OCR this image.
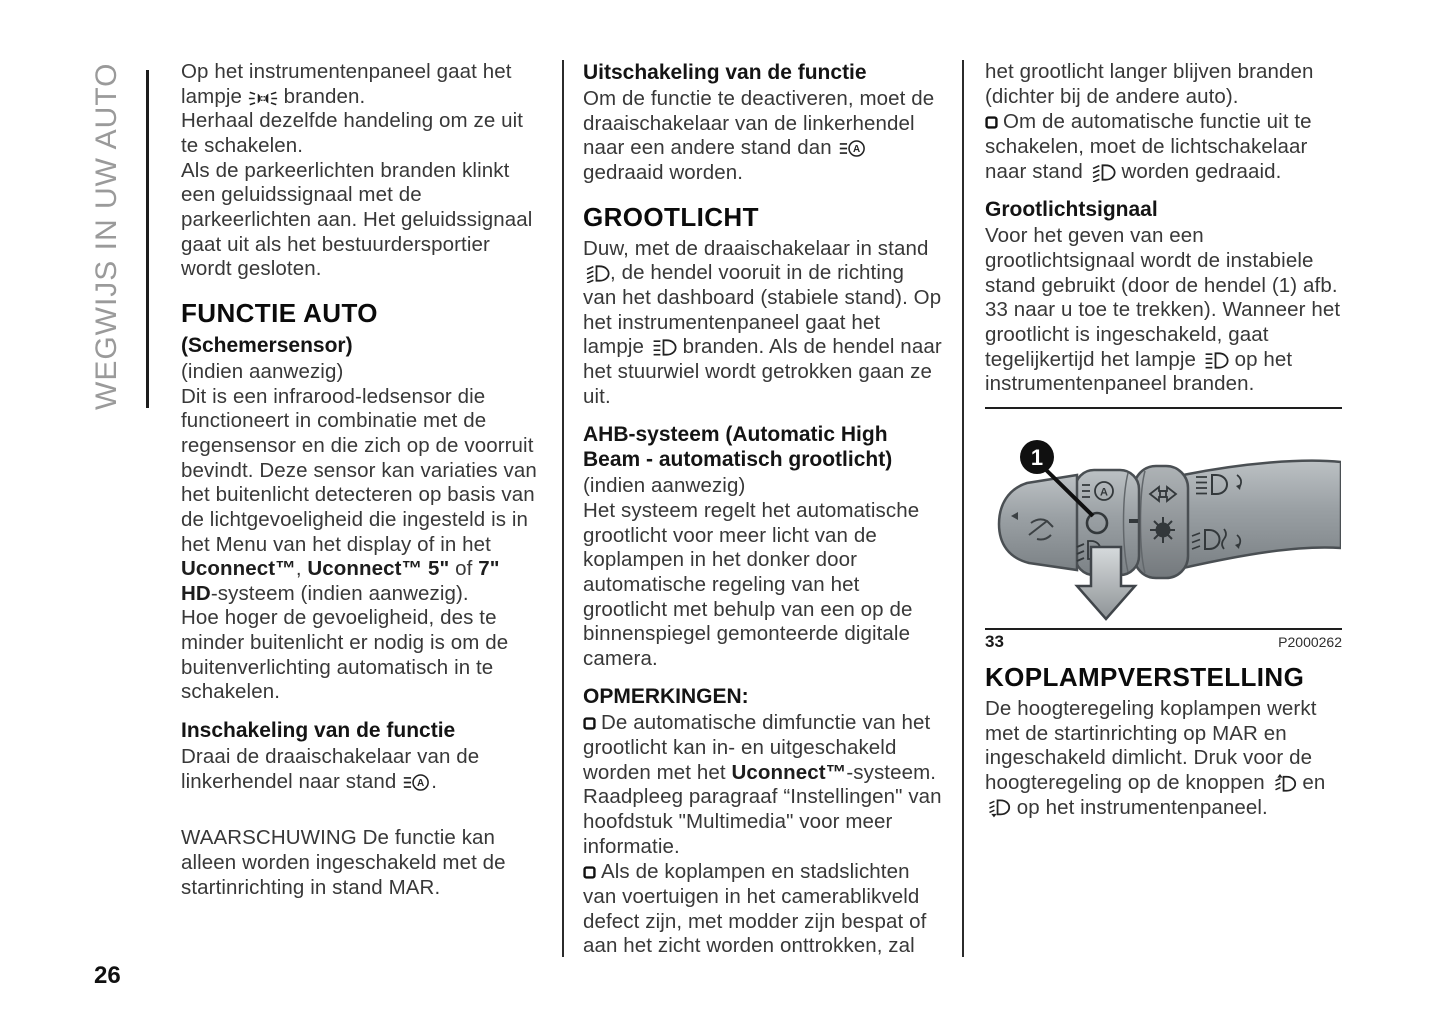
WEGWIJS IN UW AUTO	Op het instrumentenpaneel gaat het lampje  branden.
Herhaal dezelfde handeling om ze uit te schakelen.
Als de parkeerlichten branden klinkt een geluidssignaal met de parkeerlichten aan. Het geluidssignaal gaat uit als het bestuurdersportier wordt gesloten.
FUNCTIE AUTO
(Schemersensor)
(indien aanwezig)
Dit is een infrarood-ledsensor die functioneert in combinatie met de regensensor en die zich op de voorruit bevindt. Deze sensor kan variaties van het buitenlicht detecteren op basis van de lichtgevoeligheid die ingesteld is in het Menu van het display of in het Uconnect™, Uconnect™ 5" of 7" HD-systeem (indien aanwezig).
Hoe hoger de gevoeligheid, des te minder buitenlicht er nodig is om de buitenverlichting automatisch in te schakelen.
Inschakeling van de functie
Draai de draaischakelaar van de linkerhendel naar stand A .
WAARSCHUWING De functie kan alleen worden ingeschakeld met de startinrichting in stand MAR.
Uitschakeling van de functie
Om de functie te deactiveren, moet de draaischakelaar van de linkerhendel naar een andere stand dan A
gedraaid worden.
GROOTLICHT
Duw, met de draaischakelaar in stand , de hendel vooruit in de richting van het dashboard (stabiele stand). Op het instrumentenpaneel gaat het lampje  branden. Als de hendel naar het stuurwiel wordt getrokken gaan ze uit.
AHB-systeem (Automatic High Beam - automatisch grootlicht)
(indien aanwezig)
Het systeem regelt het automatische grootlicht voor meer licht van de koplampen in het donker door automatische regeling van het grootlicht met behulp van een op de binnenspiegel gemonteerde digitale camera.
OPMERKINGEN:
De automatische dimfunctie van het grootlicht kan in- en uitgeschakeld worden met het Uconnect™-systeem. Raadpleeg paragraaf “Instellingen" van hoofdstuk "Multimedia" voor meer informatie.
Als de koplampen en stadslichten van voertuigen in het camerablikveld defect zijn, met modder zijn bespat of aan het zicht worden onttrokken, zal
het grootlicht langer blijven branden (dichter bij de andere auto).
Om de automatische functie uit te schakelen, moet de lichtschakelaar naar stand  worden gedraaid.
Grootlichtsignaal
Voor het geven van een grootlichtsignaal wordt de instabiele stand gebruikt (door de hendel (1) afb. 33 naar u toe te trekken). Wanneer het grootlicht is ingeschakeld, gaat tegelijkertijd het lampje  op het instrumentenpaneel branden.
A
1
33	P2000262
KOPLAMPVERSTELLING
De hoogteregeling koplampen werkt met de startinrichting op MAR en ingeschakeld dimlicht. Druk voor de hoogteregeling op de knoppen  en  op het instrumentenpaneel.
26
